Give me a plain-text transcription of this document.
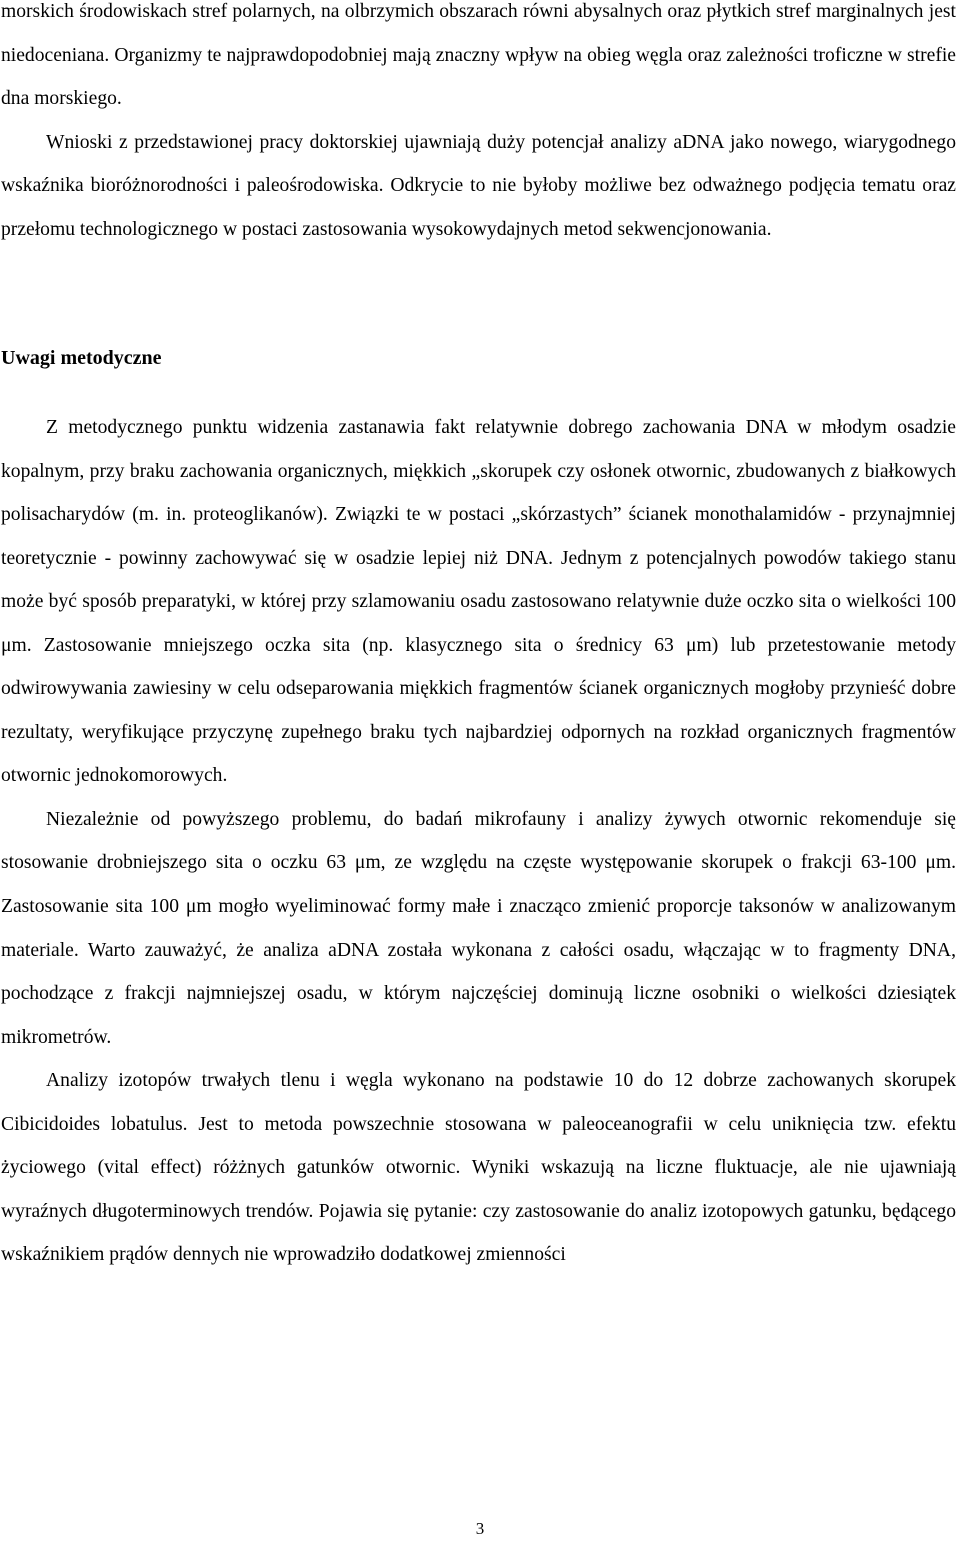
morskich środowiskach stref polarnych, na olbrzymich obszarach równi abysalnych oraz płytkich stref marginalnych jest niedoceniana. Organizmy te najprawdopodobniej mają znaczny wpływ na obieg węgla oraz zależności troficzne w strefie dna morskiego.
Wnioski z przedstawionej pracy doktorskiej ujawniają duży potencjał analizy aDNA jako nowego, wiarygodnego wskaźnika bioróżnorodności i paleośrodowiska. Odkrycie to nie byłoby możliwe bez odważnego podjęcia tematu oraz przełomu technologicznego w postaci zastosowania wysokowydajnych metod sekwencjonowania.
Uwagi metodyczne
Z metodycznego punktu widzenia zastanawia fakt relatywnie dobrego zachowania DNA w młodym osadzie kopalnym, przy braku zachowania organicznych, miękkich „skorupek czy osłonek otwornic, zbudowanych z białkowych polisacharydów (m. in. proteoglikanów). Związki te w postaci „skórzastych” ścianek monothalamidów - przynajmniej teoretycznie - powinny zachowywać się w osadzie lepiej niż DNA. Jednym z potencjalnych powodów takiego stanu może być sposób preparatyki, w której przy szlamowaniu osadu zastosowano relatywnie duże oczko sita o wielkości 100 μm. Zastosowanie mniejszego oczka sita (np. klasycznego sita o średnicy 63 μm) lub przetestowanie metody odwirowywania zawiesiny w celu odseparowania miękkich fragmentów ścianek organicznych mogłoby przynieść dobre rezultaty, weryfikujące przyczynę zupełnego braku tych najbardziej odpornych na rozkład organicznych fragmentów otwornic jednokomorowych.
Niezależnie od powyższego problemu, do badań mikrofauny i analizy żywych otwornic rekomenduje się stosowanie drobniejszego sita o oczku 63 μm, ze względu na częste występowanie skorupek o frakcji 63-100 μm. Zastosowanie sita 100 μm mogło wyeliminować formy małe i znacząco zmienić proporcje taksonów w analizowanym materiale. Warto zauważyć, że analiza aDNA została wykonana z całości osadu, włączając w to fragmenty DNA, pochodzące z frakcji najmniejszej osadu, w którym najczęściej dominują liczne osobniki o wielkości dziesiątek mikrometrów.
Analizy izotopów trwałych tlenu i węgla wykonano na podstawie 10 do 12 dobrze zachowanych skorupek Cibicidoides lobatulus. Jest to metoda powszechnie stosowana w paleoceanografii w celu uniknięcia tzw. efektu życiowego (vital effect) różżnych gatunków otwornic. Wyniki wskazują na liczne fluktuacje, ale nie ujawniają wyraźnych długoterminowych trendów. Pojawia się pytanie: czy zastosowanie do analiz izotopowych gatunku, będącego wskaźnikiem prądów dennych nie wprowadziło dodatkowej zmienności
3
